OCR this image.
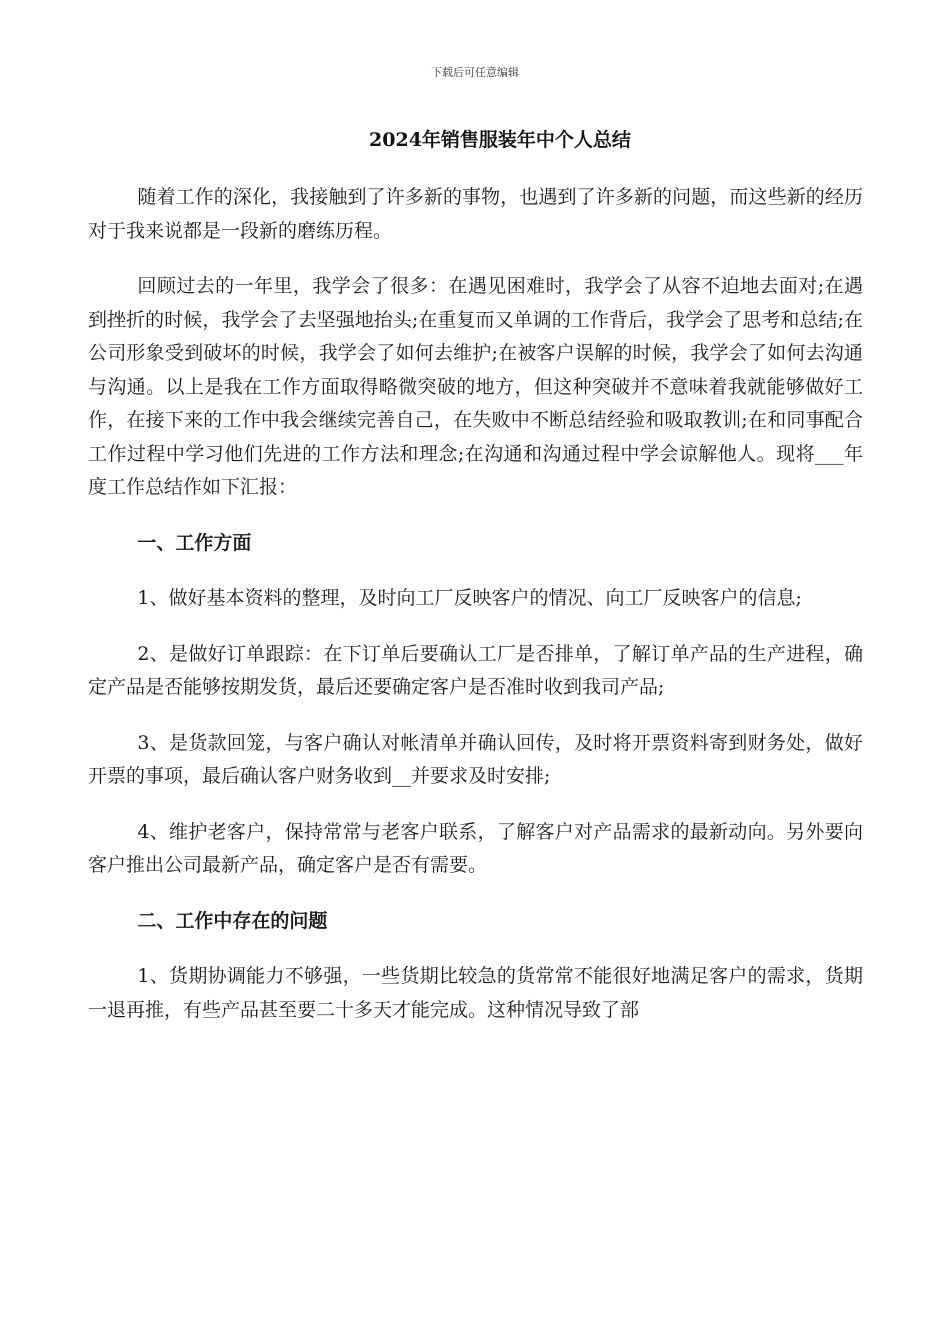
下载后可任意编辑
2024年销售服装年中个人总结

随着工作的深化，我接触到了许多新的事物，也遇到了许多新的问题，而这些新的经历对于我来说都是一段新的磨练历程。

回顾过去的一年里，我学会了很多：在遇见困难时，我学会了从容不迫地去面对;在遇到挫折的时候，我学会了去坚强地抬头;在重复而又单调的工作背后，我学会了思考和总结;在公司形象受到破坏的时候，我学会了如何去维护;在被客户误解的时候，我学会了如何去沟通与沟通。以上是我在工作方面取得略微突破的地方，但这种突破并不意味着我就能够做好工作，在接下来的工作中我会继续完善自己，在失败中不断总结经验和吸取教训;在和同事配合工作过程中学习他们先进的工作方法和理念;在沟通和沟通过程中学会谅解他人。现将___年度工作总结作如下汇报：

一、工作方面

1、做好基本资料的整理，及时向工厂反映客户的情况、向工厂反映客户的信息;

2、是做好订单跟踪：在下订单后要确认工厂是否排单，了解订单产品的生产进程，确定产品是否能够按期发货，最后还要确定客户是否准时收到我司产品;

3、是货款回笼，与客户确认对帐清单并确认回传，及时将开票资料寄到财务处，做好开票的事项，最后确认客户财务收到__并要求及时安排;

4、维护老客户，保持常常与老客户联系，了解客户对产品需求的最新动向。另外要向客户推出公司最新产品，确定客户是否有需要。

二、工作中存在的问题

1、货期协调能力不够强，一些货期比较急的货常常不能很好地满足客户的需求，货期一退再推，有些产品甚至要二十多天才能完成。这种情况导致了部
